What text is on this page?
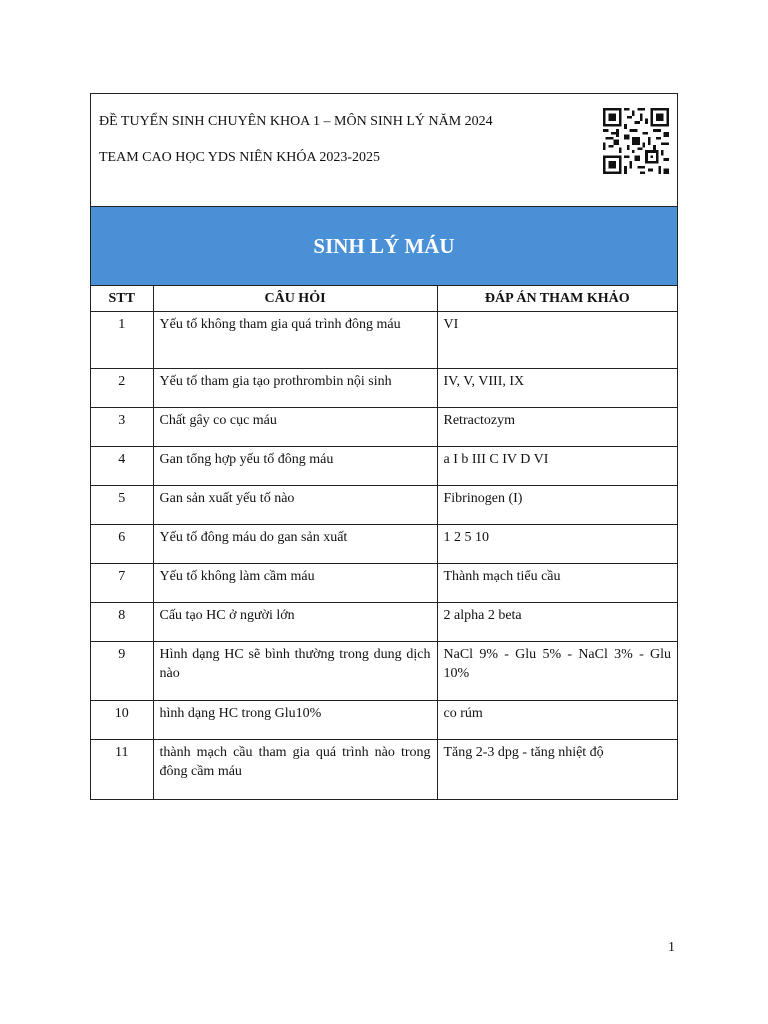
ĐỀ TUYỂN SINH CHUYÊN KHOA 1 – MÔN SINH LÝ NĂM 2024
TEAM CAO HỌC YDS NIÊN KHÓA 2023-2025
SINH LÝ MÁU
STT	CÂU HỎI	ĐÁP ÁN THAM KHẢO
1	Yếu tố không tham gia quá trình đông máu	VI
2	Yếu tố tham gia tạo prothrombin nội sinh	IV, V, VIII, IX
3	Chất gây co cục máu	Retractozym
4	Gan tổng hợp yếu tố đông máu	a I b III C IV D VI
5	Gan sản xuất yếu tố nào	Fibrinogen (I)
6	Yếu tố đông máu do gan sản xuất	1 2 5 10
7	Yếu tố không làm cầm máu	Thành mạch tiểu cầu
8	Cấu tạo HC ở người lớn	2 alpha 2 beta
9	Hình dạng HC sẽ bình thường trong dung dịch nào	NaCl 9% - Glu 5% - NaCl 3% - Glu 10%
10	hình dạng HC trong Glu10%	co rúm
11	thành mạch cầu tham gia quá trình nào trong đông cầm máu	Tăng 2-3 dpg - tăng nhiệt độ
1
